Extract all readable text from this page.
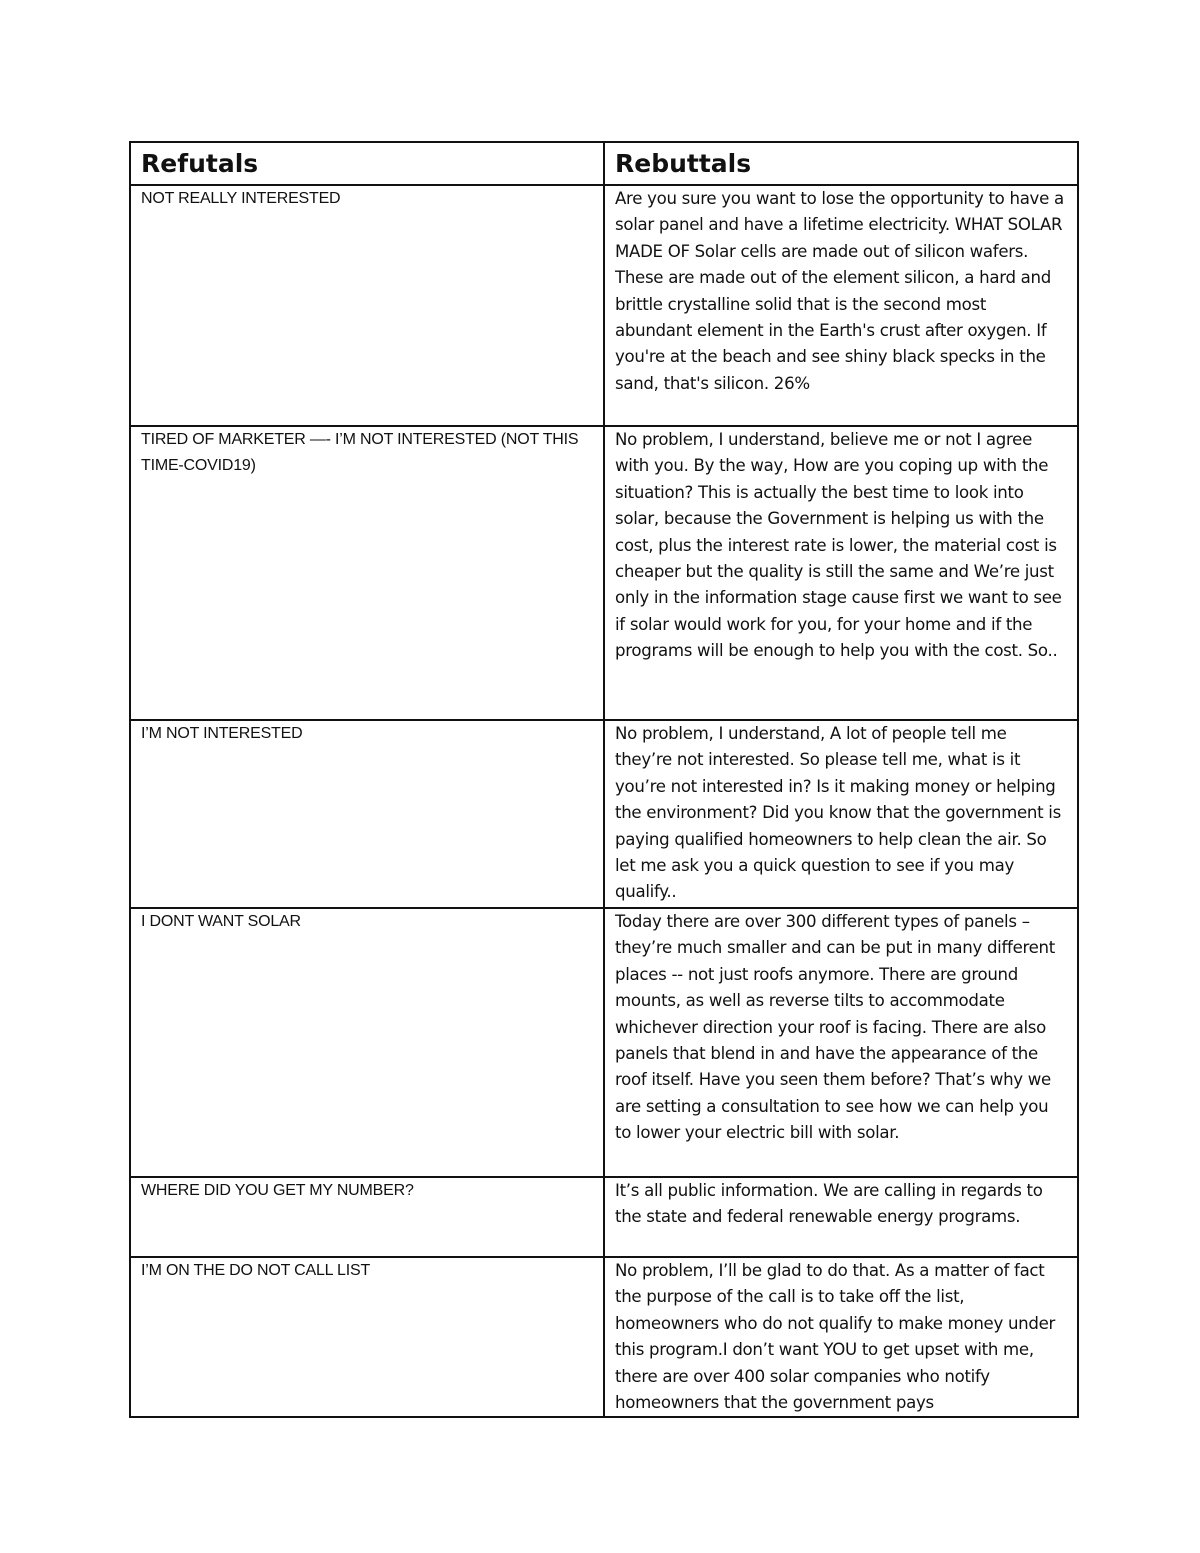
Refutals	Rebuttals
NOT REALLY INTERESTED	Are you sure you want to lose the opportunity to have a solar panel and have a lifetime electricity. WHAT SOLAR MADE OF Solar cells are made out of silicon wafers. These are made out of the element silicon, a hard and brittle crystalline solid that is the second most abundant element in the Earth's crust after oxygen. If you're at the beach and see shiny black specks in the sand, that's silicon. 26%
TIRED OF MARKETER —- I’M NOT INTERESTED (NOT THIS TIME-COVID19)	No problem, I understand, believe me or not I agree with you. By the way, How are you coping up with the situation? This is actually the best time to look into solar, because the Government is helping us with the cost, plus the interest rate is lower, the material cost is cheaper but the quality is still the same and We’re just only in the information stage cause first we want to see if solar would work for you, for your home and if the programs will be enough to help you with the cost. So..
I’M NOT INTERESTED	No problem, I understand, A lot of people tell me they’re not interested. So please tell me, what is it you’re not interested in? Is it making money or helping the environment? Did you know that the government is paying qualified homeowners to help clean the air. So let me ask you a quick question to see if you may qualify..
I DONT WANT SOLAR	Today there are over 300 different types of panels – they’re much smaller and can be put in many different places -- not just roofs anymore. There are ground mounts, as well as reverse tilts to accommodate whichever direction your roof is facing. There are also panels that blend in and have the appearance of the roof itself. Have you seen them before? That’s why we are setting a consultation to see how we can help you to lower your electric bill with solar.
WHERE DID YOU GET MY NUMBER?	It’s all public information. We are calling in regards to the state and federal renewable energy programs.
I’M ON THE DO NOT CALL LIST	No problem, I’ll be glad to do that. As a matter of fact the purpose of the call is to take off the list, homeowners who do not qualify to make money under this program.I don’t want YOU to get upset with me, there are over 400 solar companies who notify homeowners that the government pays
